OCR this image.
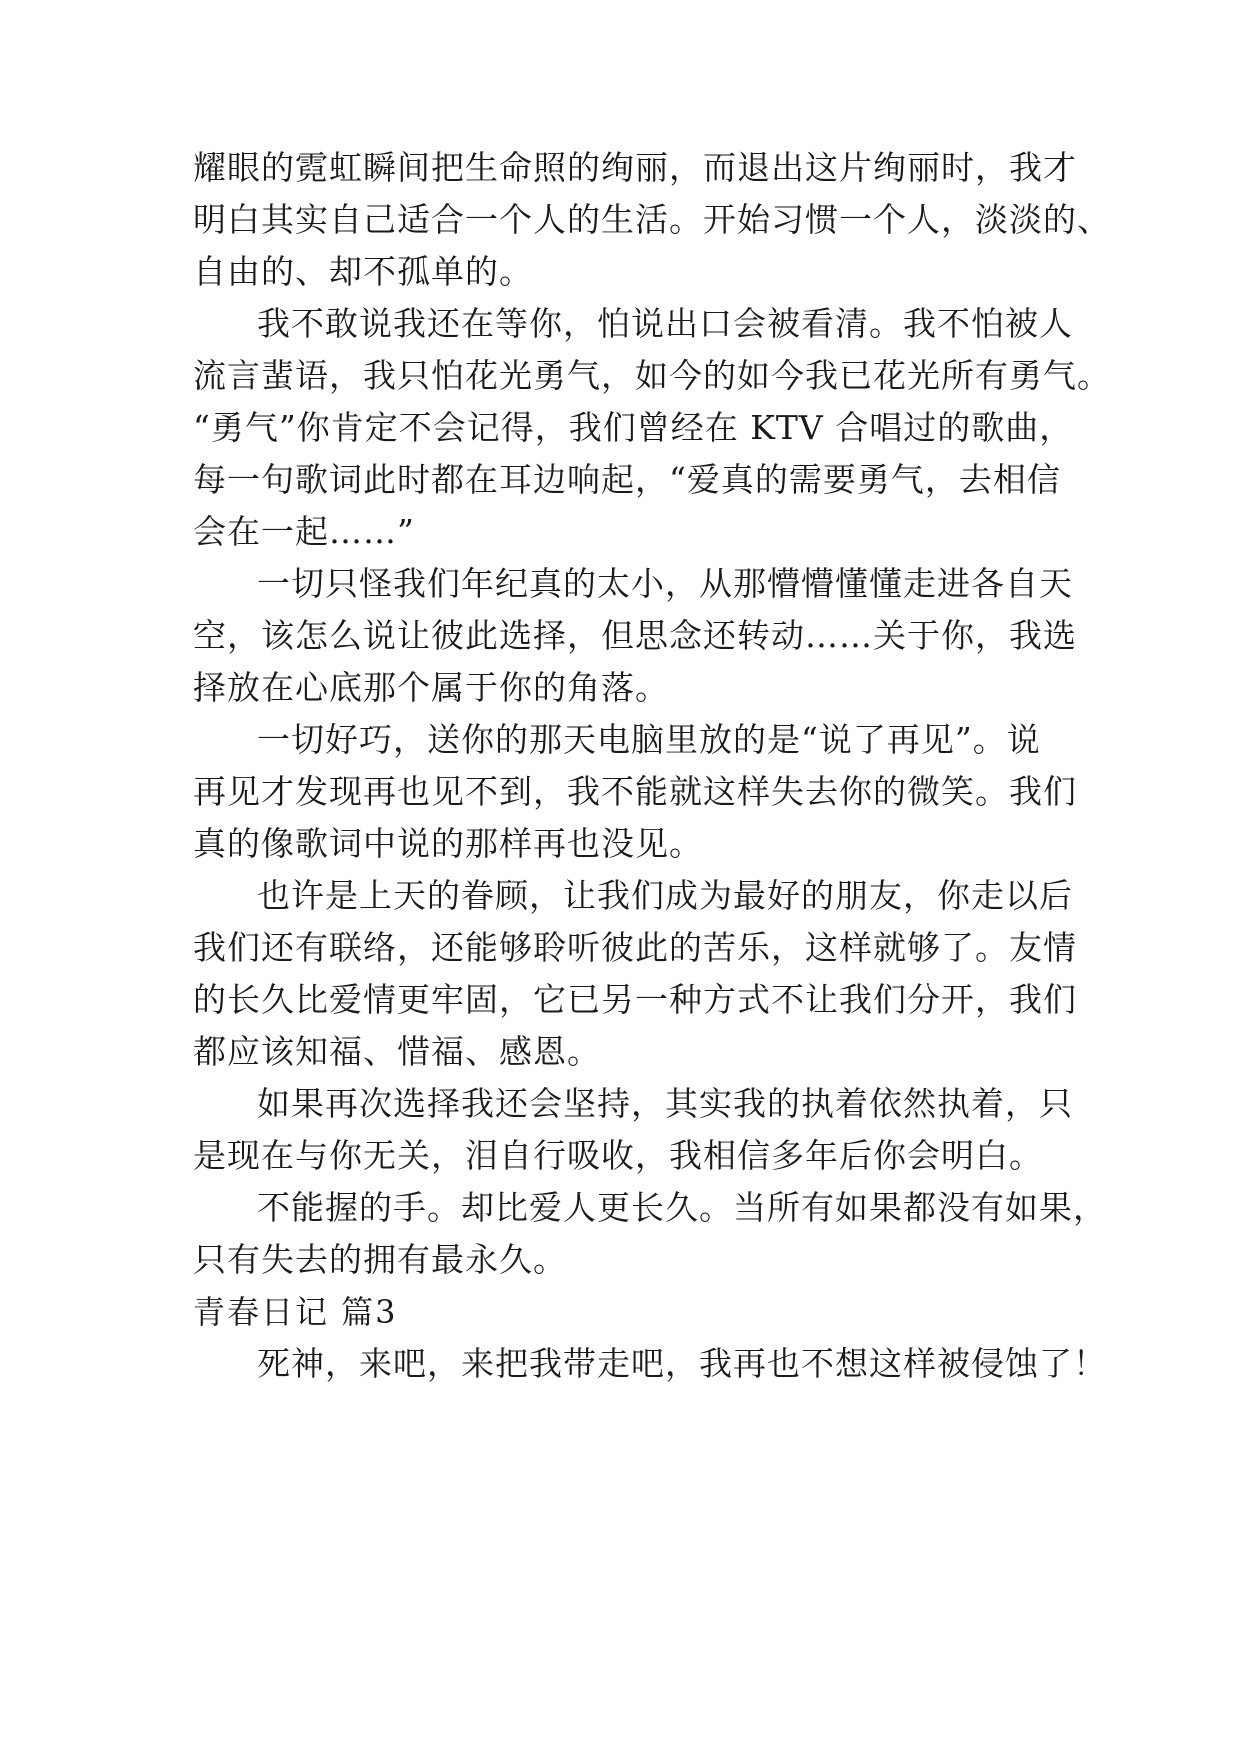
耀眼的霓虹瞬间把生命照的绚丽，而退出这片绚丽时，我才
明白其实自己适合一个人的生活。开始习惯一个人，淡淡的、
自由的、却不孤单的。
我不敢说我还在等你，怕说出口会被看清。我不怕被人
流言蜚语，我只怕花光勇气，如今的如今我已花光所有勇气。
“勇气”你肯定不会记得，我们曾经在 KTV 合唱过的歌曲，
每一句歌词此时都在耳边响起，“爱真的需要勇气，去相信
会在一起……”
一切只怪我们年纪真的太小，从那懵懵懂懂走进各自天
空，该怎么说让彼此选择，但思念还转动……关于你，我选
择放在心底那个属于你的角落。
一切好巧，送你的那天电脑里放的是“说了再见”。说
再见才发现再也见不到，我不能就这样失去你的微笑。我们
真的像歌词中说的那样再也没见。
也许是上天的眷顾，让我们成为最好的朋友，你走以后
我们还有联络，还能够聆听彼此的苦乐，这样就够了。友情
的长久比爱情更牢固，它已另一种方式不让我们分开，我们
都应该知福、惜福、感恩。
如果再次选择我还会坚持，其实我的执着依然执着，只
是现在与你无关，泪自行吸收，我相信多年后你会明白。
不能握的手。却比爱人更长久。当所有如果都没有如果，
只有失去的拥有最永久。
青春日记 篇3
死神，来吧，来把我带走吧，我再也不想这样被侵蚀了！
